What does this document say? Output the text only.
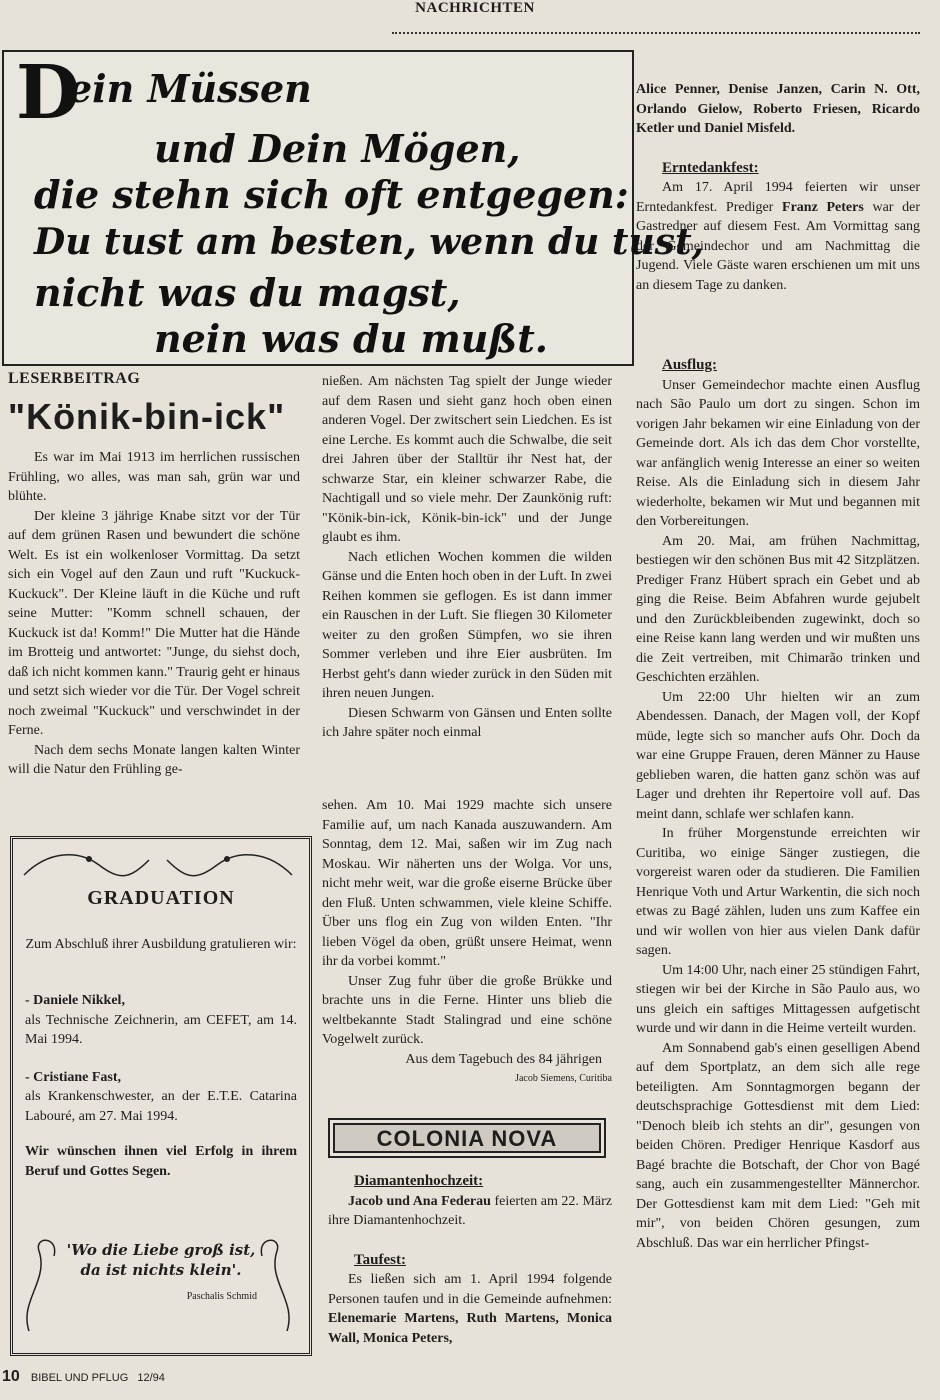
NACHRICHTEN
D
ein Müssen
und Dein Mögen,
die stehn sich oft entgegen:
Du tust am besten, wenn du tust,
nicht was du magst,
nein was du mußt.
LESERBEITRAG
"Könik-bin-ick"

Es war im Mai 1913 im herrlichen russischen Frühling, wo alles, was man sah, grün war und blühte.

Der kleine 3 jährige Knabe sitzt vor der Tür auf dem grünen Rasen und bewundert die schöne Welt. Es ist ein wolkenloser Vormittag. Da setzt sich ein Vogel auf den Zaun und ruft "Kuckuck-Kuckuck". Der Kleine läuft in die Küche und ruft seine Mutter: "Komm schnell schauen, der Kuckuck ist da! Komm!" Die Mutter hat die Hände im Brotteig und antwortet: "Junge, du siehst doch, daß ich nicht kommen kann." Traurig geht er hinaus und setzt sich wieder vor die Tür. Der Vogel schreit noch zweimal "Kuckuck" und verschwindet in der Ferne.

Nach dem sechs Monate langen kalten Winter will die Natur den Frühling ge-

nießen. Am nächsten Tag spielt der Junge wieder auf dem Rasen und sieht ganz hoch oben einen anderen Vogel. Der zwitschert sein Liedchen. Es ist eine Lerche. Es kommt auch die Schwalbe, die seit drei Jahren über der Stalltür ihr Nest hat, der schwarze Star, ein kleiner schwarzer Rabe, die Nachtigall und so viele mehr. Der Zaunkönig ruft: "Könik-bin-ick, Könik-bin-ick" und der Junge glaubt es ihm.

Nach etlichen Wochen kommen die wilden Gänse und die Enten hoch oben in der Luft. In zwei Reihen kommen sie geflogen. Es ist dann immer ein Rauschen in der Luft. Sie fliegen 30 Kilometer weiter zu den großen Sümpfen, wo sie ihren Sommer verleben und ihre Eier ausbrüten. Im Herbst geht's dann wieder zurück in den Süden mit ihren neuen Jungen.

Diesen Schwarm von Gänsen und Enten sollte ich Jahre später noch einmal

sehen. Am 10. Mai 1929 machte sich unsere Familie auf, um nach Kanada auszuwandern. Am Sonntag, dem 12. Mai, saßen wir im Zug nach Moskau. Wir näherten uns der Wolga. Vor uns, nicht mehr weit, war die große eiserne Brücke über den Fluß. Unten schwammen, viele kleine Schiffe. Über uns flog ein Zug von wilden Enten. "Ihr lieben Vögel da oben, grüßt unsere Heimat, wenn ihr da vorbei kommt."

Unser Zug fuhr über die große Brükke und brachte uns in die Ferne. Hinter uns blieb die weltbekannte Stadt Stalingrad und eine schöne Vogelwelt zurück.

Aus dem Tagebuch des 84 jährigen

Jacob Siemens, Curitiba

GRADUATION
Zum Abschluß ihrer Ausbildung gratulieren wir:
- Daniele Nikkel,
als Technische Zeichnerin, am CEFET, am 14. Mai 1994.
- Cristiane Fast,
als Krankenschwester, an der E.T.E. Catarina Labouré, am 27. Mai 1994.
Wir wünschen ihnen viel Erfolg in ihrem Beruf und Gottes Segen.
'Wo die Liebe groß ist,
da ist nichts klein'.
Paschalis Schmid
COLONIA NOVA

Diamantenhochzeit:

Jacob und Ana Federau feierten am 22. März ihre Diamantenhochzeit.

Taufest:

Es ließen sich am 1. April 1994 folgende Personen taufen und in die Gemeinde aufnehmen: Elenemarie Martens, Ruth Martens, Monica Wall, Monica Peters,

Alice Penner, Denise Janzen, Carin N. Ott, Orlando Gielow, Roberto Friesen, Ricardo Ketler und Daniel Misfeld.

Erntedankfest:

Am 17. April 1994 feierten wir unser Erntedankfest. Prediger Franz Peters war der Gastredner auf diesem Fest. Am Vormittag sang der Gemeindechor und am Nachmittag die Jugend. Viele Gäste waren erschienen um mit uns an diesem Tage zu danken.

Ausflug:

Unser Gemeindechor machte einen Ausflug nach São Paulo um dort zu singen. Schon im vorigen Jahr bekamen wir eine Einladung von der Gemeinde dort. Als ich das dem Chor vorstellte, war anfänglich wenig Interesse an einer so weiten Reise. Als die Einladung sich in diesem Jahr wiederholte, bekamen wir Mut und begannen mit den Vorbereitungen.

Am 20. Mai, am frühen Nachmittag, bestiegen wir den schönen Bus mit 42 Sitzplätzen. Prediger Franz Hübert sprach ein Gebet und ab ging die Reise. Beim Abfahren wurde gejubelt und den Zurückbleibenden zugewinkt, doch so eine Reise kann lang werden und wir mußten uns die Zeit vertreiben, mit Chimarão trinken und Geschichten erzählen.

Um 22:00 Uhr hielten wir an zum Abendessen. Danach, der Magen voll, der Kopf müde, legte sich so mancher aufs Ohr. Doch da war eine Gruppe Frauen, deren Männer zu Hause geblieben waren, die hatten ganz schön was auf Lager und drehten ihr Repertoire voll auf. Das meint dann, schlafe wer schlafen kann.

In früher Morgenstunde erreichten wir Curitiba, wo einige Sänger zustiegen, die vorgereist waren oder da studieren. Die Familien Henrique Voth und Artur Warkentin, die sich noch etwas zu Bagé zählen, luden uns zum Kaffee ein und wir wollen von hier aus vielen Dank dafür sagen.

Um 14:00 Uhr, nach einer 25 stündigen Fahrt, stiegen wir bei der Kirche in São Paulo aus, wo uns gleich ein saftiges Mittagessen aufgetischt wurde und wir dann in die Heime verteilt wurden.

Am Sonnabend gab's einen geselligen Abend auf dem Sportplatz, an dem sich alle rege beteiligten. Am Sonntagmorgen begann der deutschsprachige Gottesdienst mit dem Lied: "Denoch bleib ich stehts an dir", gesungen von beiden Chören. Prediger Henrique Kasdorf aus Bagé brachte die Botschaft, der Chor von Bagé sang, auch ein zusammengestellter Männerchor. Der Gottesdienst kam mit dem Lied: "Geh mit mir", von beiden Chören gesungen, zum Abschluß. Das war ein herrlicher Pfingst-

10 BIBEL UND PFLUG 12/94
